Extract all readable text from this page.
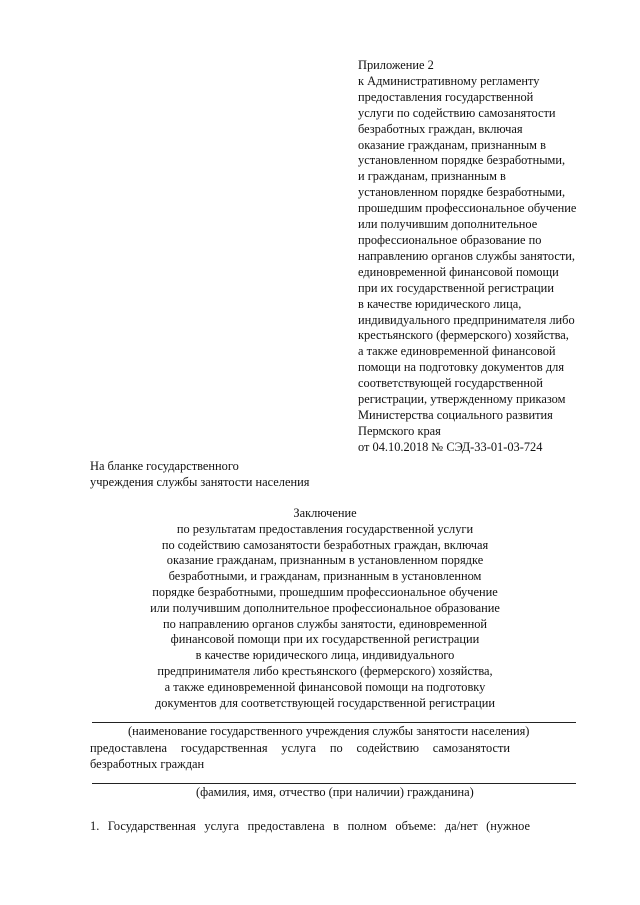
Приложение 2
к Административному регламенту
предоставления государственной
услуги по содействию самозанятости
безработных граждан, включая
оказание гражданам, признанным в
установленном порядке безработными,
и гражданам, признанным в
установленном порядке безработными,
прошедшим профессиональное обучение
или получившим дополнительное
профессиональное образование по
направлению органов службы занятости,
единовременной финансовой помощи
при их государственной регистрации
в качестве юридического лица,
индивидуального предпринимателя либо
крестьянского (фермерского) хозяйства,
а также единовременной финансовой
помощи на подготовку документов для
соответствующей государственной
регистрации, утвержденному приказом
Министерства социального развития
Пермского края
от 04.10.2018 № СЭД-33-01-03-724
На бланке государственного
учреждения службы занятости населения
Заключение
по результатам предоставления государственной услуги
по содействию самозанятости безработных граждан, включая
оказание гражданам, признанным в установленном порядке
безработными, и гражданам, признанным в установленном
порядке безработными, прошедшим профессиональное обучение
или получившим дополнительное профессиональное образование
по направлению органов службы занятости, единовременной
финансовой помощи при их государственной регистрации
в качестве юридического лица, индивидуального
предпринимателя либо крестьянского (фермерского) хозяйства,
а также единовременной финансовой помощи на подготовку
документов для соответствующей государственной регистрации
(наименование государственного учреждения службы занятости населения)
предоставлена государственная услуга по содействию самозанятости
безработных граждан
(фамилия, имя, отчество (при наличии) гражданина)
1. Государственная услуга предоставлена в полном объеме: да/нет (нужное
